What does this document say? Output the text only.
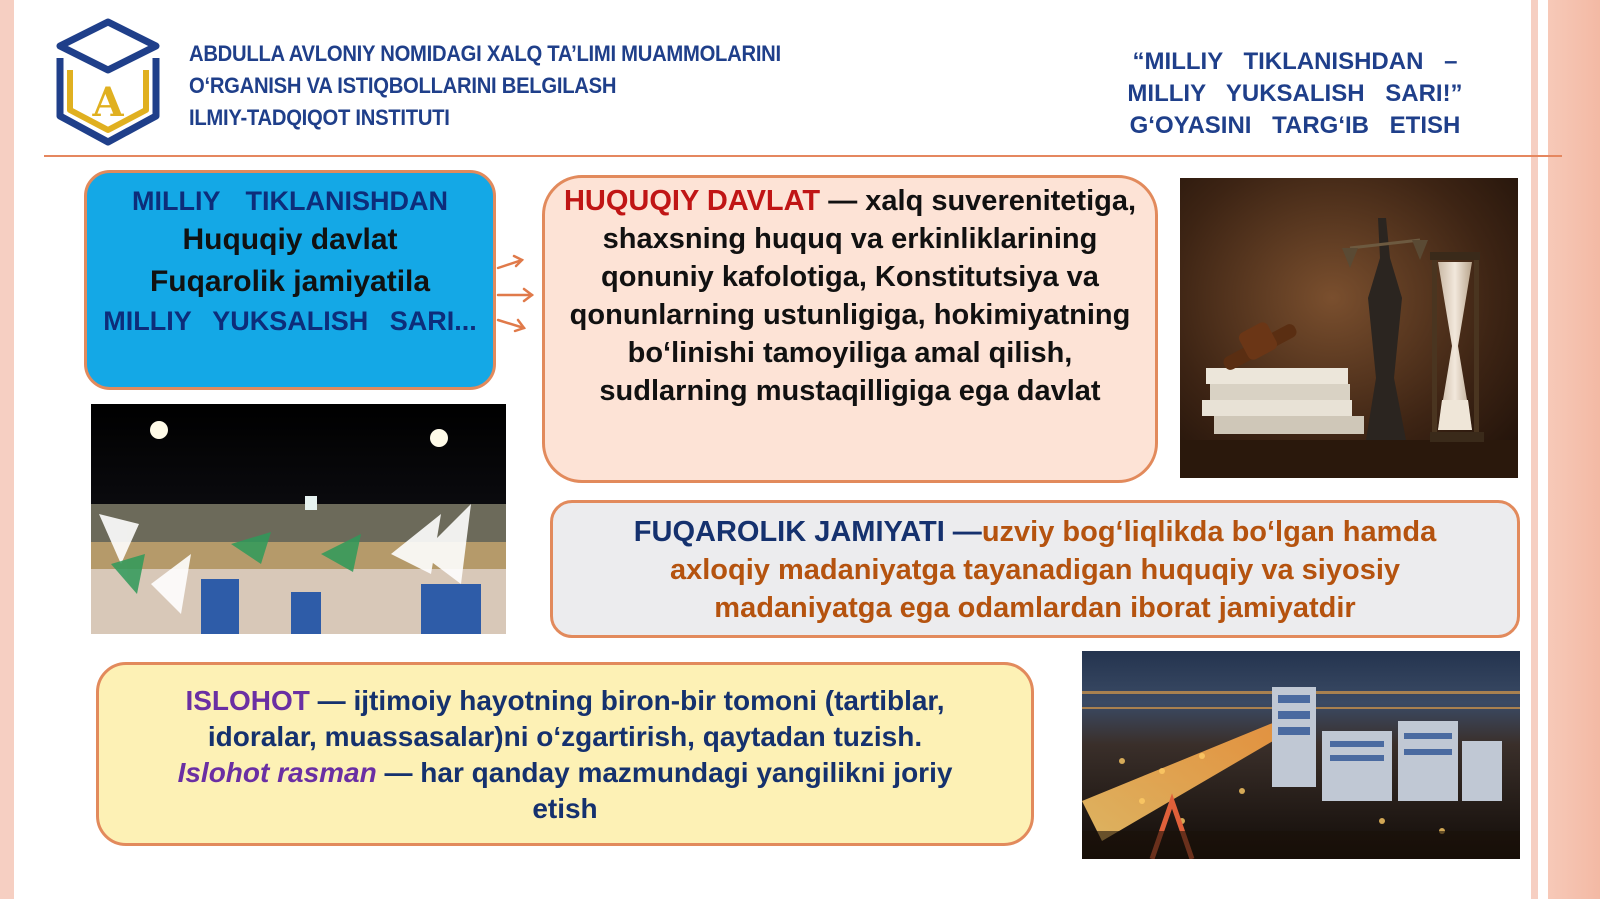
A
ABDULLA AVLONIY NOMIDAGI XALQ TA’LIMI MUAMMOLARINI
O‘RGANISH VA ISTIQBOLLARINI BELGILASH
ILMIY-TADQIQOT INSTITUTI
“MILLIY TIKLANISHDAN –
MILLIY YUKSALISH SARI!”
G‘OYASINI TARG‘IB ETISH
MILLIY TIKLANISHDAN
Huquqiy davlat
Fuqarolik jamiyatila
MILLIY YUKSALISH SARI...
HUQUQIY DAVLAT — xalq suverenitetiga, shaxsning huquq va erkinliklarining qonuniy kafolotiga, Konstitutsiya va qonunlarning ustunligiga, hokimiyatning bo‘linishi tamoyiliga amal qilish, sudlarning mustaqilligiga ega davlat
FUQAROLIK JAMIYATI —uzviy bog‘liqlikda bo‘lgan hamda axloqiy madaniyatga tayanadigan huquqiy va siyosiy madaniyatga ega odamlardan iborat jamiyatdir
ISLOHOT — ijtimoiy hayotning biron-bir tomoni (tartiblar, idoralar, muassasalar)ni o‘zgartirish, qaytadan tuzish. Islohot rasman — har qanday mazmundagi yangilikni joriy etish
